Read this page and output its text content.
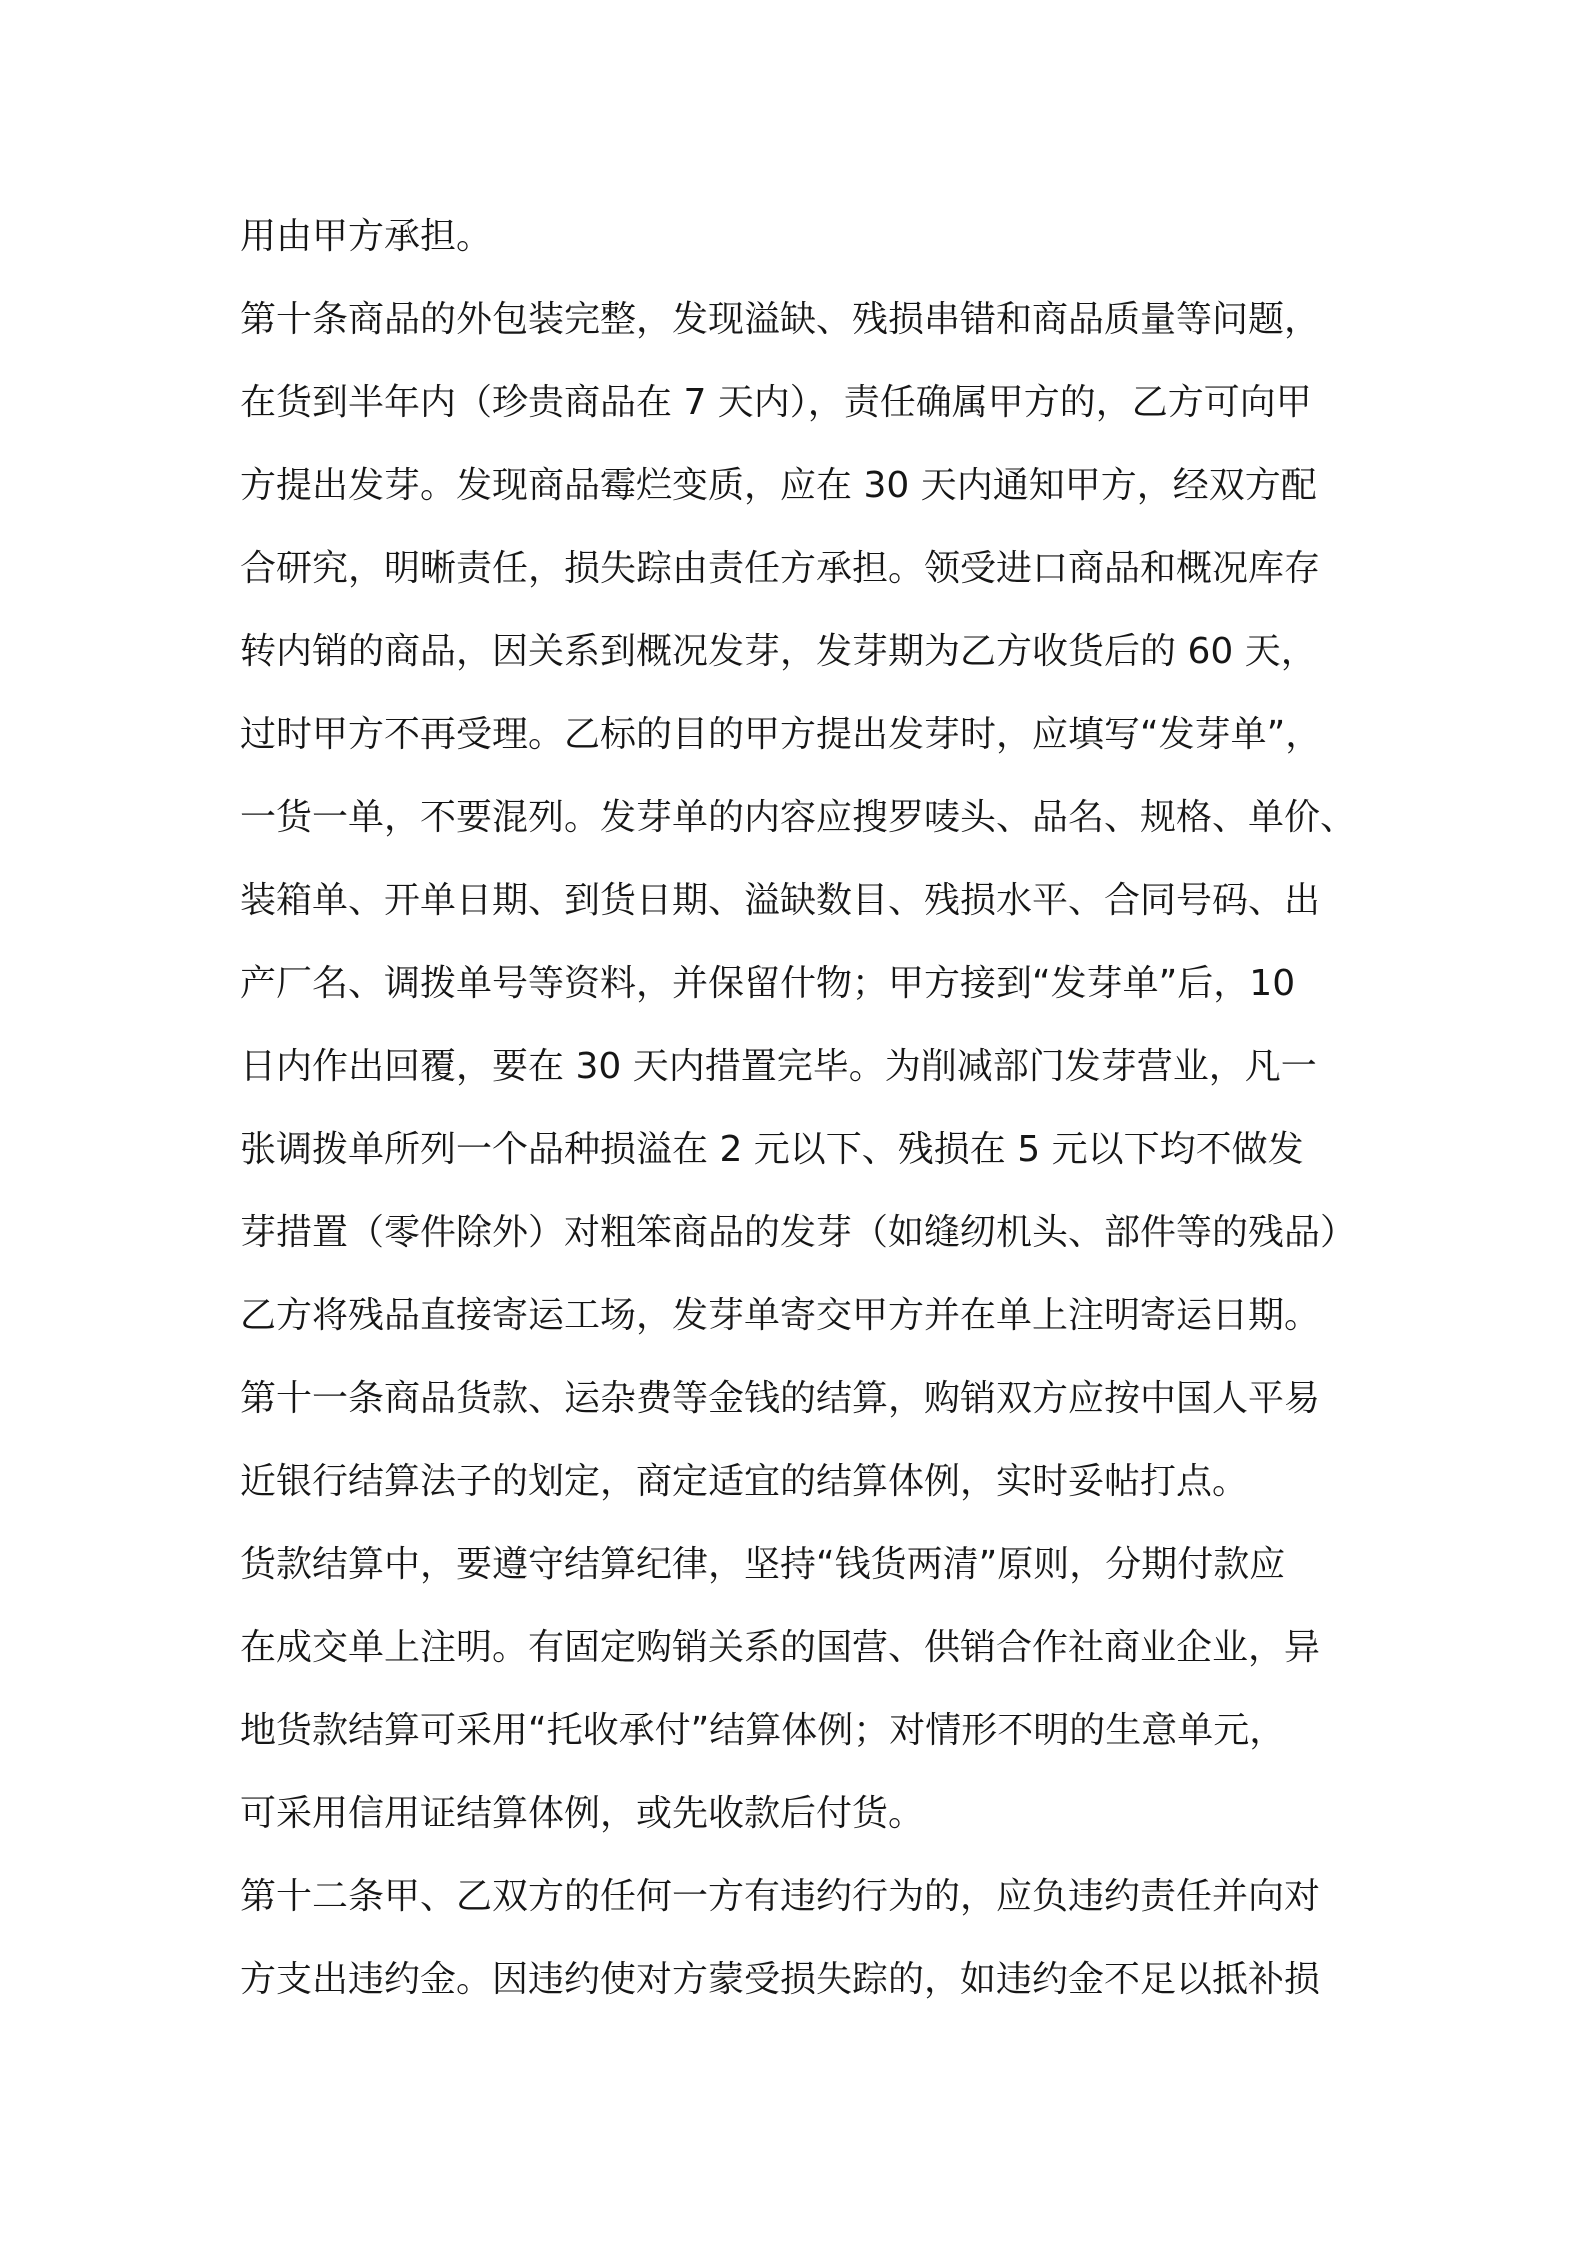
用由甲方承担。
第十条商品的外包装完整，发现溢缺、残损串错和商品质量等问题，
在货到半年内（珍贵商品在 7 天内），责任确属甲方的，乙方可向甲
方提出发芽。发现商品霉烂变质，应在 30 天内通知甲方，经双方配
合研究，明晰责任，损失踪由责任方承担。领受进口商品和概况库存
转内销的商品，因关系到概况发芽，发芽期为乙方收货后的 60 天，
过时甲方不再受理。乙标的目的甲方提出发芽时，应填写“发芽单”，
一货一单，不要混列。发芽单的内容应搜罗唛头、品名、规格、单价、
装箱单、开单日期、到货日期、溢缺数目、残损水平、合同号码、出
产厂名、调拨单号等资料，并保留什物；甲方接到“发芽单”后，10
日内作出回覆，要在 30 天内措置完毕。为削减部门发芽营业，凡一
张调拨单所列一个品种损溢在 2 元以下、残损在 5 元以下均不做发
芽措置（零件除外）对粗笨商品的发芽（如缝纫机头、部件等的残品）
乙方将残品直接寄运工场，发芽单寄交甲方并在单上注明寄运日期。
第十一条商品货款、运杂费等金钱的结算，购销双方应按中国人平易
近银行结算法子的划定，商定适宜的结算体例，实时妥帖打点。
货款结算中，要遵守结算纪律，坚持“钱货两清”原则，分期付款应
在成交单上注明。有固定购销关系的国营、供销合作社商业企业，异
地货款结算可采用“托收承付”结算体例；对情形不明的生意单元，
可采用信用证结算体例，或先收款后付货。
第十二条甲、乙双方的任何一方有违约行为的，应负违约责任并向对
方支出违约金。因违约使对方蒙受损失踪的，如违约金不足以抵补损
